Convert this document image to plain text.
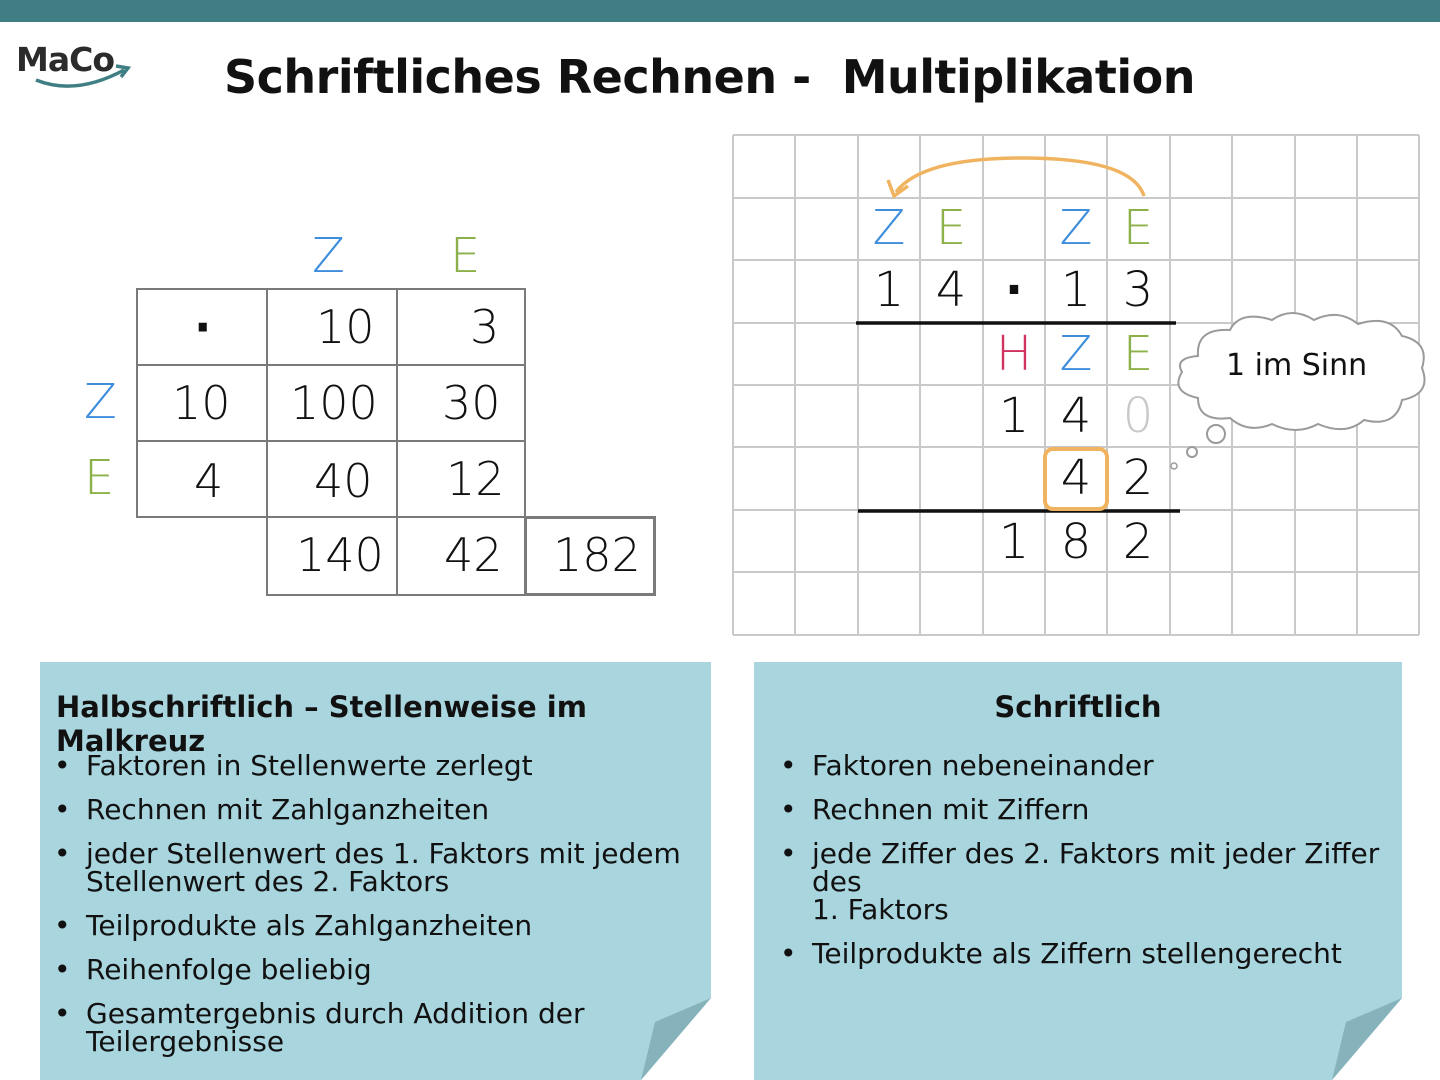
MaCo Schriftliches Rechnen -  Multiplikation
Z E
Z
E
· 10 3
10 100 30
4 40 12
140 42 182
Z E	Z E
1 4 · 1 3
H Z E
1 4 0
4 2
1 8 2
1 im Sinn
Halbschriftlich – Stellenweise im Malkreuz
• Faktoren in Stellenwerte zerlegt
• Rechnen mit Zahlganzheiten
• jeder Stellenwert des 1. Faktors mit jedem
Stellenwert des 2. Faktors
• Teilprodukte als Zahlganzheiten
• Reihenfolge beliebig
• Gesamtergebnis durch Addition der
Teilergebnisse
Schriftlich
• Faktoren nebeneinander
• Rechnen mit Ziffern
• jede Ziffer des 2. Faktors mit jeder Ziffer des
1. Faktors
• Teilprodukte als Ziffern stellengerecht
